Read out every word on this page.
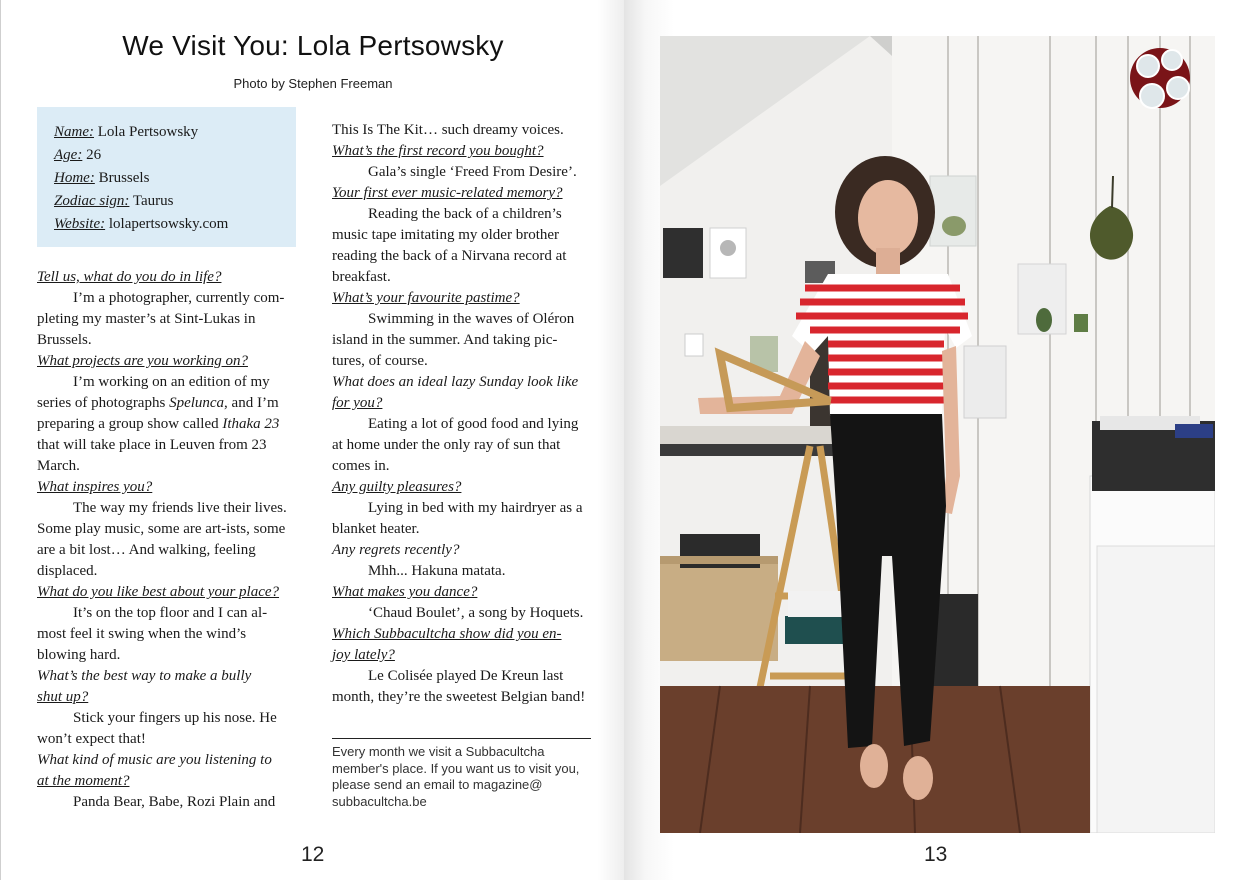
We Visit You: Lola Pertsowsky

Photo by Stephen Freeman

Name: Lola Pertsowsky
Age: 26
Home: Brussels
Zodiac sign: Taurus
Website: lolapertsowsky.com
Tell us, what do you do in life?
I’m a photographer, currently com-pleting my master’s at Sint-Lukas in Brussels.
What projects are you working on?
I’m working on an edition of my series of photographs Spelunca, and I’m preparing a group show called Ithaka 23 that will take place in Leuven from 23 March.
What inspires you?
The way my friends live their lives. Some play music, some are art-ists, some are a bit lost… And walking, feeling displaced.
What do you like best about your place?
It’s on the top floor and I can al-most feel it swing when the wind’s blowing hard.
What’s the best way to make a bully
shut up?
Stick your fingers up his nose. He won’t expect that!
What kind of music are you listening to
at the moment?
Panda Bear, Babe, Rozi Plain and
This Is The Kit… such dreamy voices.
What’s the first record you bought?
Gala’s single ‘Freed From Desire’.
Your first ever music-related memory?
Reading the back of a children’s music tape imitating my older brother reading the back of a Nirvana record at breakfast.
What’s your favourite pastime?
Swimming in the waves of Oléron island in the summer. And taking pic-tures, of course.
What does an ideal lazy Sunday look like
for you?
Eating a lot of good food and lying at home under the only ray of sun that comes in.
Any guilty pleasures?
Lying in bed with my hairdryer as a blanket heater.
Any regrets recently?
Mhh... Hakuna matata.
What makes you dance?
‘Chaud Boulet’, a song by Hoquets.
Which Subbacultcha show did you en-
joy lately?
Le Colisée played De Kreun last month, they’re the sweetest Belgian band!
Every month we visit a Subbacultcha member's place. If you want us to visit you, please send an email to magazine@ subbacultcha.be
12	13
